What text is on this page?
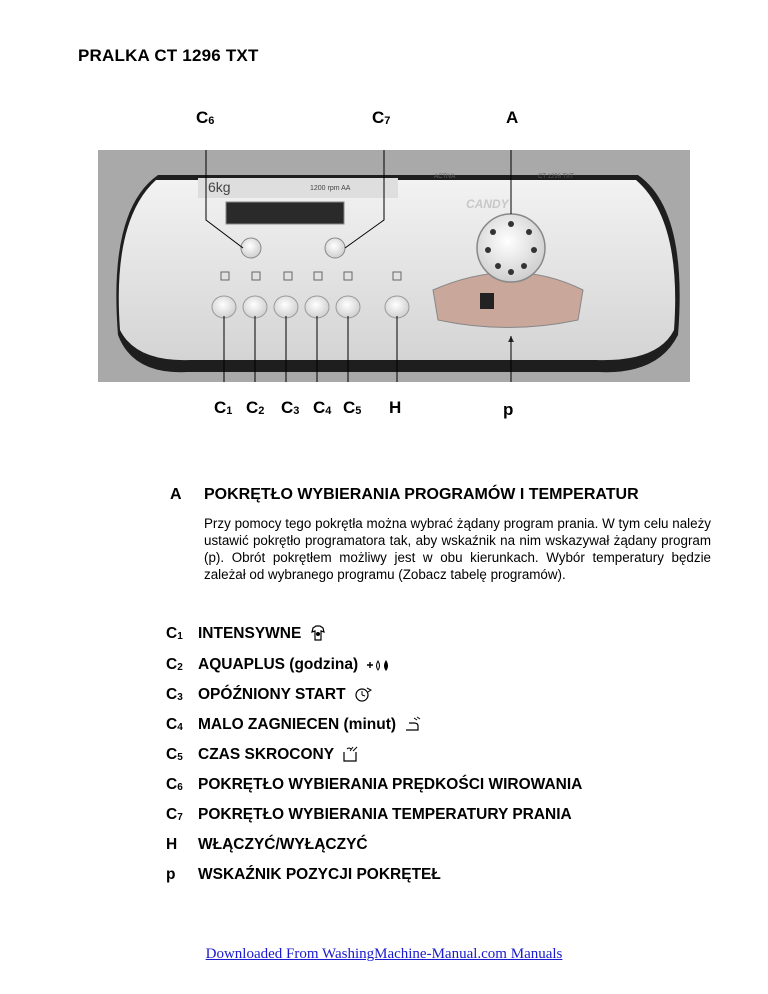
PRALKA CT 1296 TXT
$C_6$	$C_7$	A
6kg	1200 rpm AA
CANDY
CT 1296 TXT
ACTIVA
$C_1$ $C_2$ $C_3$ $C_4$ $C_5$ H	p
A POKRĘTŁO WYBIERANIA PROGRAMÓW I TEMPERATUR
Przy pomocy tego pokrętła można wybrać żądany program prania. W tym celu należy ustawić pokrętło programatora tak, aby wskaźnik na nim wskazywał żądany program (p). Obrót pokrętłem możliwy jest w obu kierunkach. Wybór temperatury będzie zależał od wybranego programu (Zobacz tabelę programów).
$C_1$ INTENSYWNE
$C_2$ AQUAPLUS (godzina)
$C_3$ OPÓŹNIONY START
$C_4$ MALO ZAGNIECEN (minut)
$C_5$ CZAS SKROCONY
$C_6$ POKRĘTŁO WYBIERANIA PRĘDKOŚCI WIROWANIA
$C_7$ POKRĘTŁO WYBIERANIA TEMPERATURY PRANIA
H WŁĄCZYĆ/WYŁĄCZYĆ
p WSKAŹNIK POZYCJI POKRĘTEŁ
Downloaded From WashingMachine-Manual.com Manuals
